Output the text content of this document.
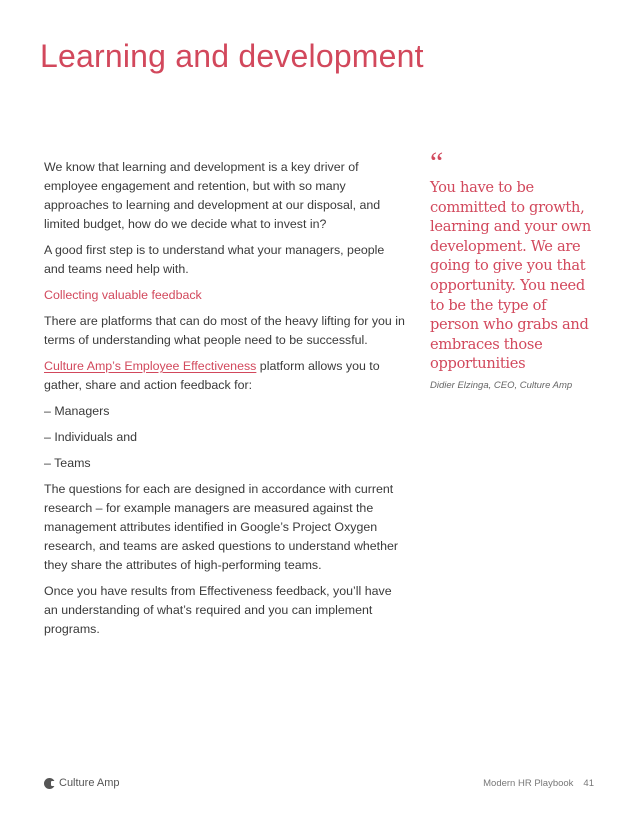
Learning and development

We know that learning and development is a key driver of employee engagement and retention, but with so many approaches to learning and development at our disposal, and limited budget, how do we decide what to invest in?

A good first step is to understand what your managers, people and teams need help with.

Collecting valuable feedback

There are platforms that can do most of the heavy lifting for you in terms of understanding what people need to be successful.

Culture Amp’s Employee Effectiveness platform allows you to gather, share and action feedback for:

– Managers
– Individuals and
– Teams

The questions for each are designed in accordance with current research – for example managers are measured against the management attributes identified in Google’s Project Oxygen research, and teams are asked questions to understand whether they share the attributes of high-performing teams.

Once you have results from Effectiveness feedback, you’ll have an understanding of what’s required and you can implement programs.

“

You have to be committed to growth, learning and your own development. We are going to give you that opportunity. You need to be the type of person who grabs and embraces those opportunities

Didier Elzinga, CEO, Culture Amp
Culture Amp	Modern HR Playbook 41
